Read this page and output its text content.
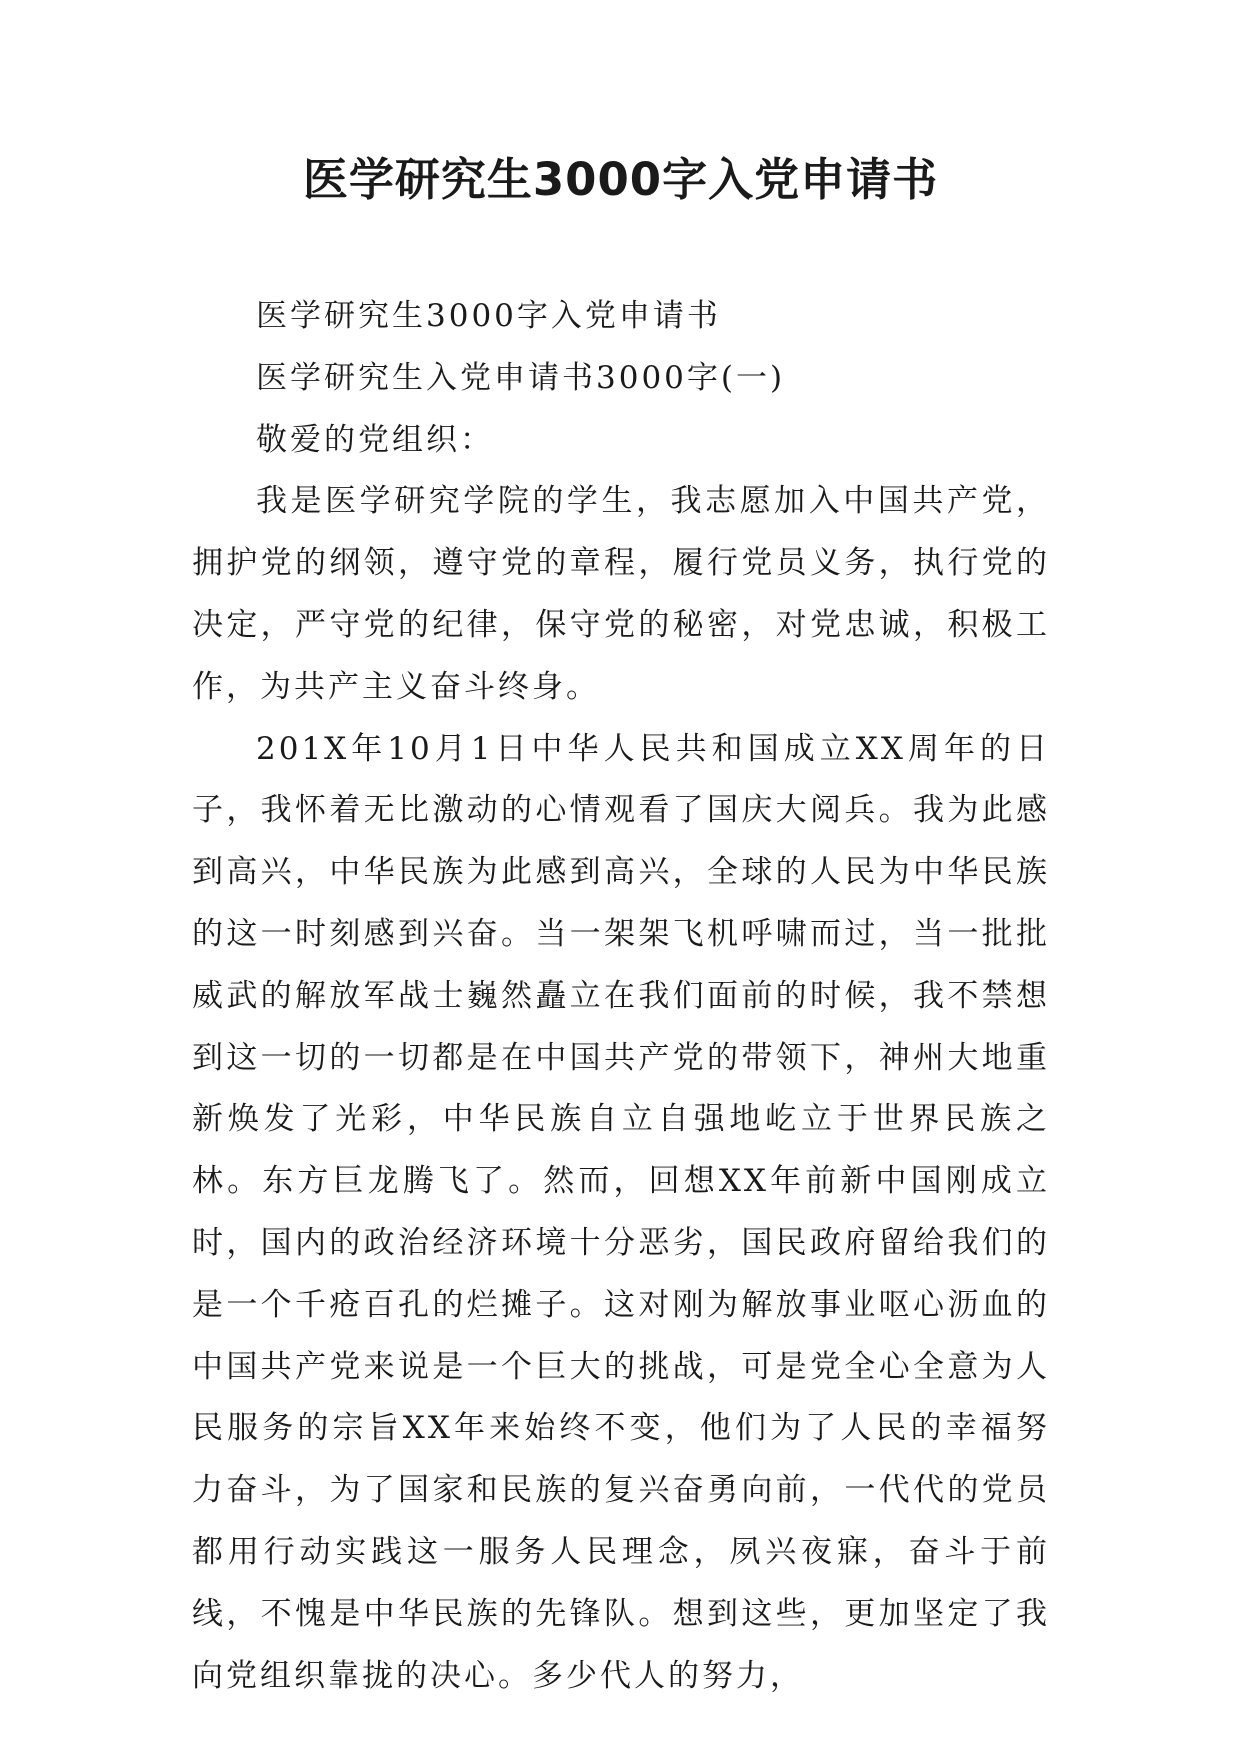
医学研究生3000字入党申请书

医学研究生3000字入党申请书

医学研究生入党申请书3000字(一)

敬爱的党组织：

我是医学研究学院的学生，我志愿加入中国共产党，拥护党的纲领，遵守党的章程，履行党员义务，执行党的决定，严守党的纪律，保守党的秘密，对党忠诚，积极工作，为共产主义奋斗终身。

201X年10月1日中华人民共和国成立XX周年的日子，我怀着无比激动的心情观看了国庆大阅兵。我为此感到高兴，中华民族为此感到高兴，全球的人民为中华民族的这一时刻感到兴奋。当一架架飞机呼啸而过，当一批批威武的解放军战士巍然矗立在我们面前的时候，我不禁想到这一切的一切都是在中国共产党的带领下，神州大地重新焕发了光彩，中华民族自立自强地屹立于世界民族之林。东方巨龙腾飞了。然而，回想XX年前新中国刚成立时，国内的政治经济环境十分恶劣，国民政府留给我们的是一个千疮百孔的烂摊子。这对刚为解放事业呕心沥血的中国共产党来说是一个巨大的挑战，可是党全心全意为人民服务的宗旨XX年来始终不变，他们为了人民的幸福努力奋斗，为了国家和民族的复兴奋勇向前，一代代的党员都用行动实践这一服务人民理念，夙兴夜寐，奋斗于前线，不愧是中华民族的先锋队。想到这些，更加坚定了我向党组织靠拢的决心。多少代人的努力，
